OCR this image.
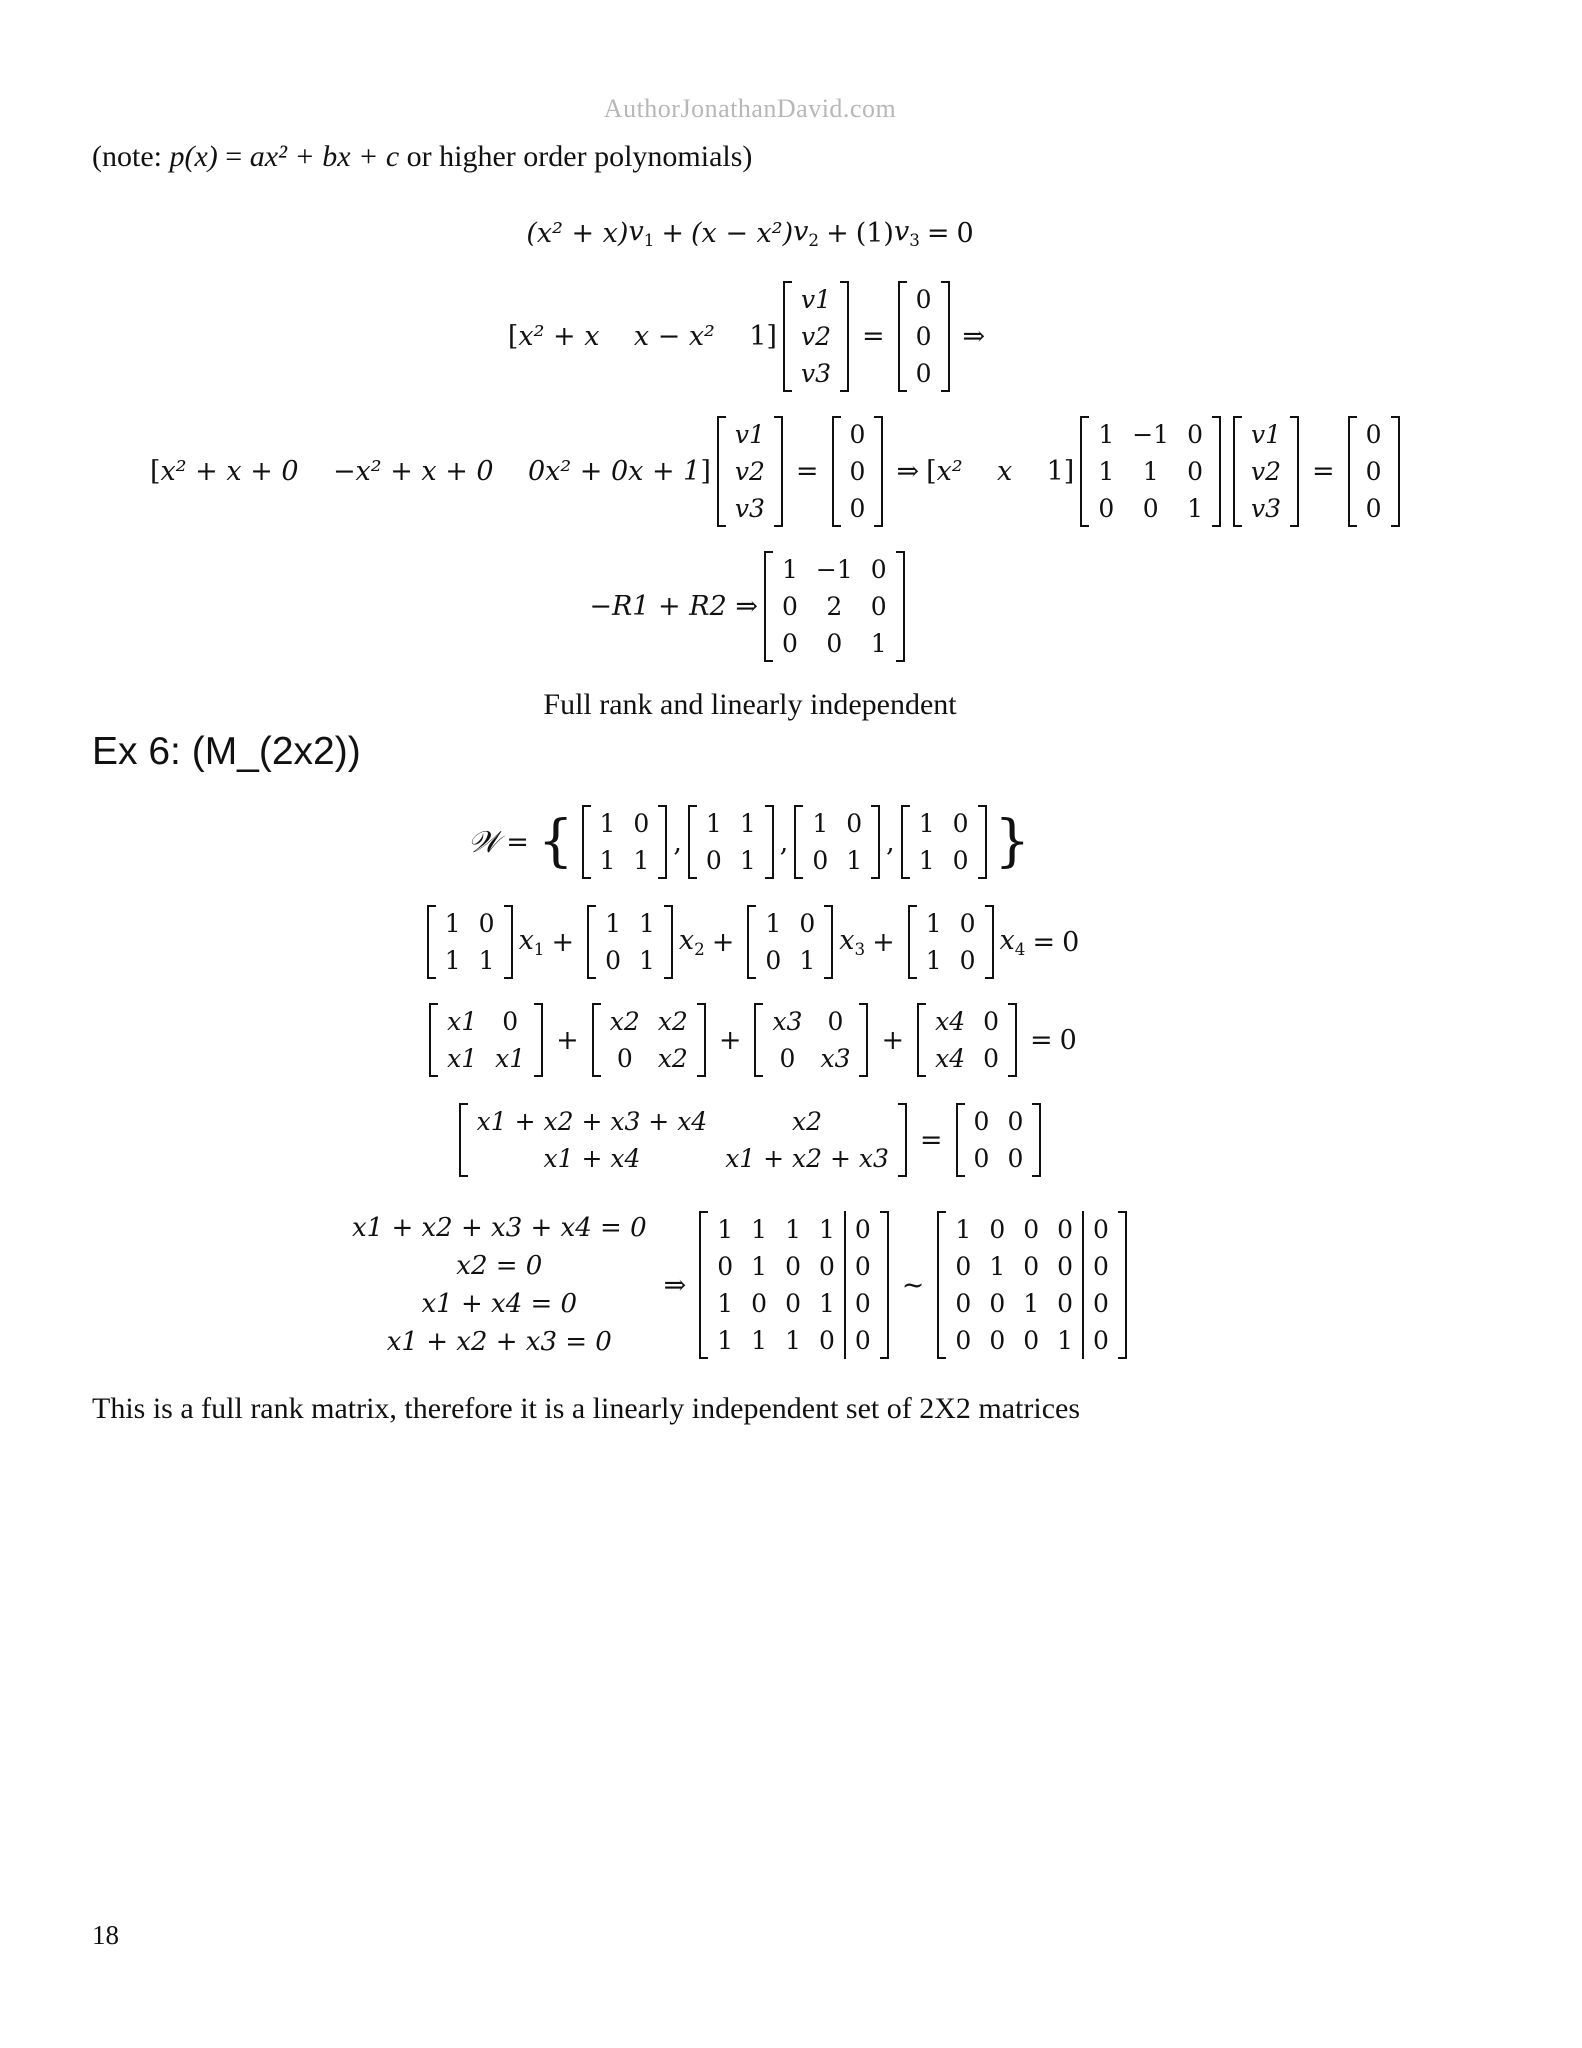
AuthorJonathanDavid.com
(note: p(x) = ax² + bx + c or higher order polynomials)
(x² + x) $v_1 + (x - x^2) v_2 + (1) v_3 = 0$
[x² + x x − x² 1]
v1
v2
v3
=
0
0
0
⇒
[x² + x + 0 −x² + x + 0 0x² + 0x + 1]
v1
v2
v3
=
0
0
0
⇒ [x² x 1]
1	−1	0
1	1	0
0	0	1
v1
v2
v3
=
0
0
0
−R1 + R2 ⇒
1	−1	0
0	2	0
0	0	1
Full rank and linearly independent
Ex 6: (M_(2x2))
𝒲 = { 1	0
1	1
,
1	1
0	1
,
1	0
0	1
,
1	0
1	0 }
1	0
1	1
$x_1$ +
1	1
0	1
$x_2$ +
1	0
0	1
$x_3$ +
1	0
1	0
$x_4 = 0$
x1	0
x1	x1
+
x2	x2
0	x2
+
x3	0
0	x3
+
x4	0
x4	0
= 0
x1 + x2 + x3 + x4	x2
x1 + x4	x1 + x2 + x3
=
0	0
0	0
x1 + x2 + x3 + x4 = 0
x2 = 0
x1 + x4 = 0
x1 + x2 + x3 = 0
⇒
1	1	1	1	0
0	1	0	0	0
1	0	0	1	0
1	1	1	0	0
~
1	0	0	0	0
0	1	0	0	0
0	0	1	0	0
0	0	0	1	0
This is a full rank matrix, therefore it is a linearly independent set of 2X2 matrices
18
